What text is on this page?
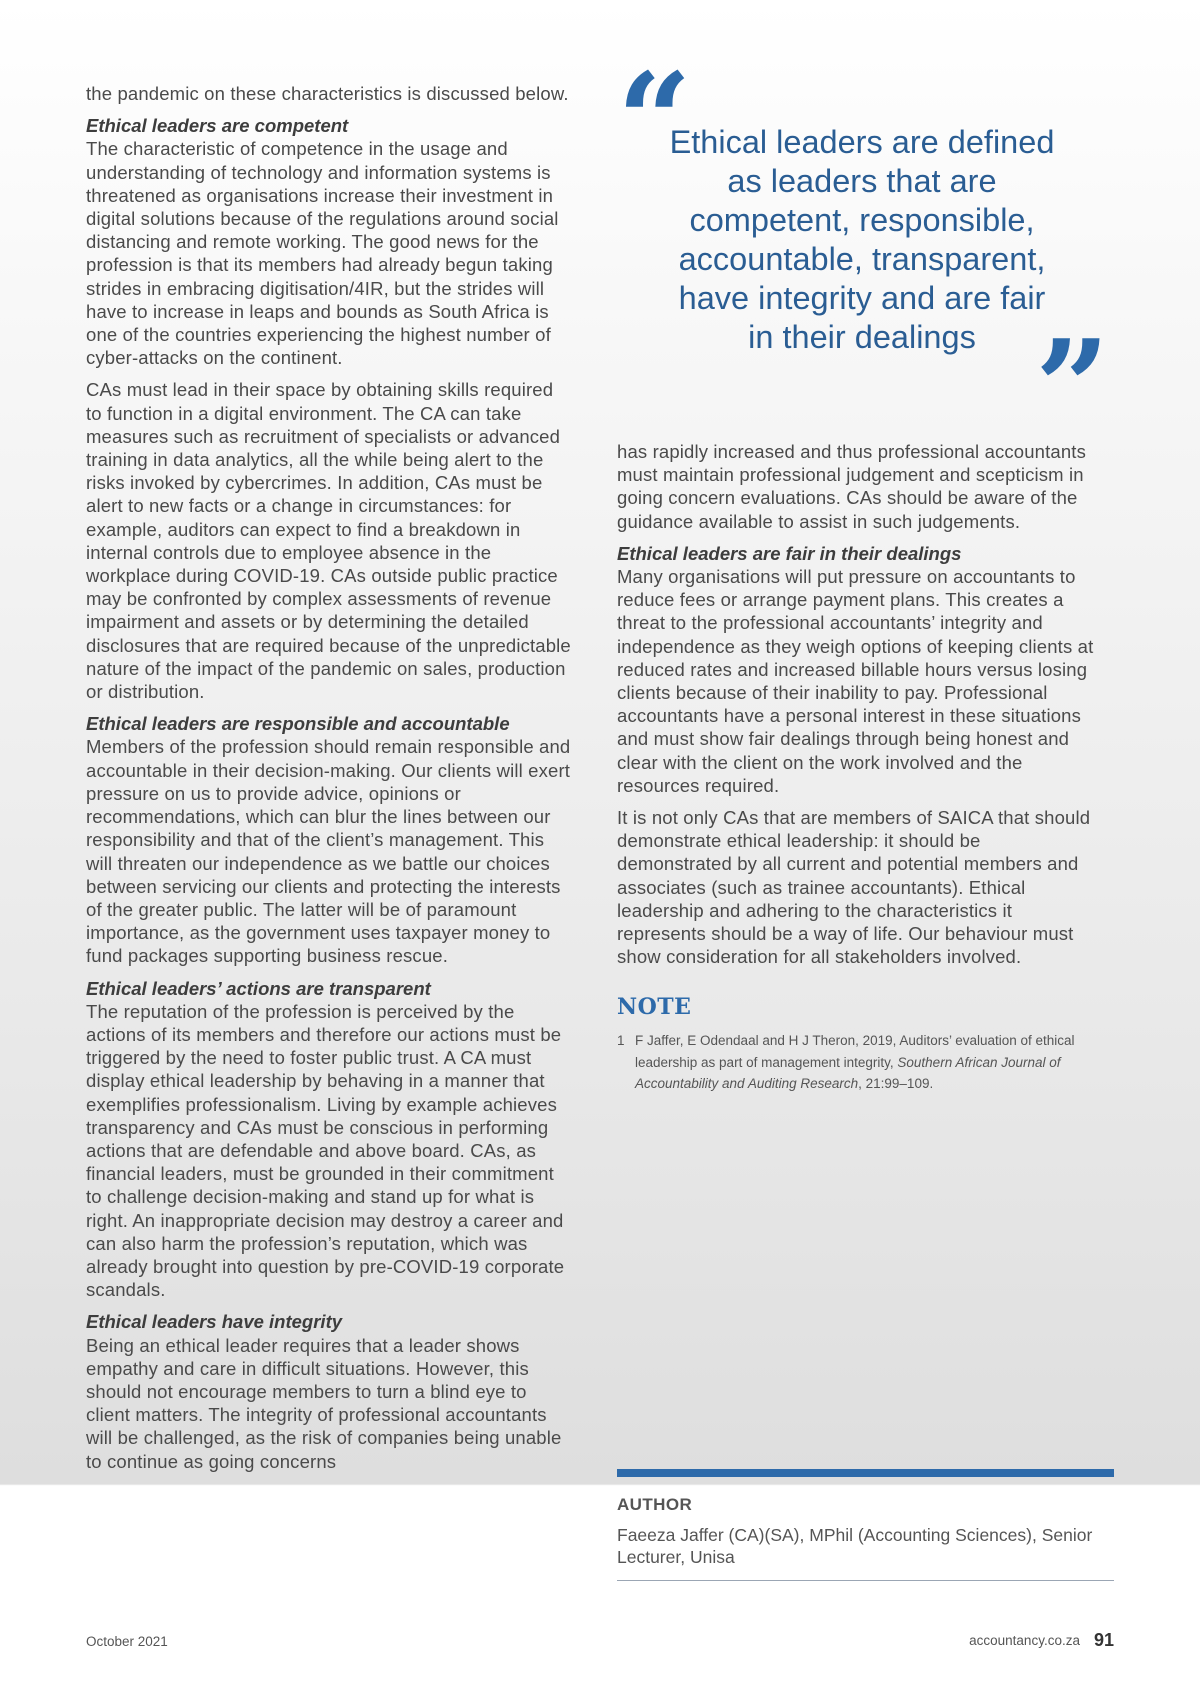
the pandemic on these characteristics is discussed below.

Ethical leaders are competent

The characteristic of competence in the usage and understanding of technology and information systems is threatened as organisations increase their investment in digital solutions because of the regulations around social distancing and remote working. The good news for the profession is that its members had already begun taking strides in embracing digitisation/4IR, but the strides will have to increase in leaps and bounds as South Africa is one of the countries experiencing the highest number of cyber-attacks on the continent.

CAs must lead in their space by obtaining skills required to function in a digital environment. The CA can take measures such as recruitment of specialists or advanced training in data analytics, all the while being alert to the risks invoked by cybercrimes. In addition, CAs must be alert to new facts or a change in circumstances: for example, auditors can expect to find a breakdown in internal controls due to employee absence in the workplace during COVID-19. CAs outside public practice may be confronted by complex assessments of revenue impairment and assets or by determining the detailed disclosures that are required because of the unpredictable nature of the impact of the pandemic on sales, production or distribution.

Ethical leaders are responsible and accountable

Members of the profession should remain responsible and accountable in their decision-making. Our clients will exert pressure on us to provide advice, opinions or recommendations, which can blur the lines between our responsibility and that of the client’s management. This will threaten our independence as we battle our choices between servicing our clients and protecting the interests of the greater public. The latter will be of paramount importance, as the government uses taxpayer money to fund packages supporting business rescue.

Ethical leaders’ actions are transparent

The reputation of the profession is perceived by the actions of its members and therefore our actions must be triggered by the need to foster public trust. A CA must display ethical leadership by behaving in a manner that exemplifies professionalism. Living by example achieves transparency and CAs must be conscious in performing actions that are defendable and above board. CAs, as financial leaders, must be grounded in their commitment to challenge decision-making and stand up for what is right. An inappropriate decision may destroy a career and can also harm the profession’s reputation, which was already brought into question by pre-COVID-19 corporate scandals.

Ethical leaders have integrity

Being an ethical leader requires that a leader shows empathy and care in difficult situations. However, this should not encourage members to turn a blind eye to client matters. The integrity of professional accountants will be challenged, as the risk of companies being unable to continue as going concerns

“
Ethical leaders are defined as leaders that are competent, responsible, accountable, transparent, have integrity and are fair in their dealings ”

has rapidly increased and thus professional accountants must maintain professional judgement and scepticism in going concern evaluations. CAs should be aware of the guidance available to assist in such judgements.

Ethical leaders are fair in their dealings

Many organisations will put pressure on accountants to reduce fees or arrange payment plans. This creates a threat to the professional accountants’ integrity and independence as they weigh options of keeping clients at reduced rates and increased billable hours versus losing clients because of their inability to pay. Professional accountants have a personal interest in these situations and must show fair dealings through being honest and clear with the client on the work involved and the resources required.

It is not only CAs that are members of SAICA that should demonstrate ethical leadership: it should be demonstrated by all current and potential members and associates (such as trainee accountants). Ethical leadership and adhering to the characteristics it represents should be a way of life. Our behaviour must show consideration for all stakeholders involved.

NOTE
1 F Jaffer, E Odendaal and H J Theron, 2019, Auditors’ evaluation of ethical leadership as part of management integrity, Southern African Journal of Accountability and Auditing Research, 21:99–109.
AUTHOR
Faeeza Jaffer (CA)(SA), MPhil (Accounting Sciences), Senior Lecturer, Unisa
October 2021	accountancy.co.za 91
